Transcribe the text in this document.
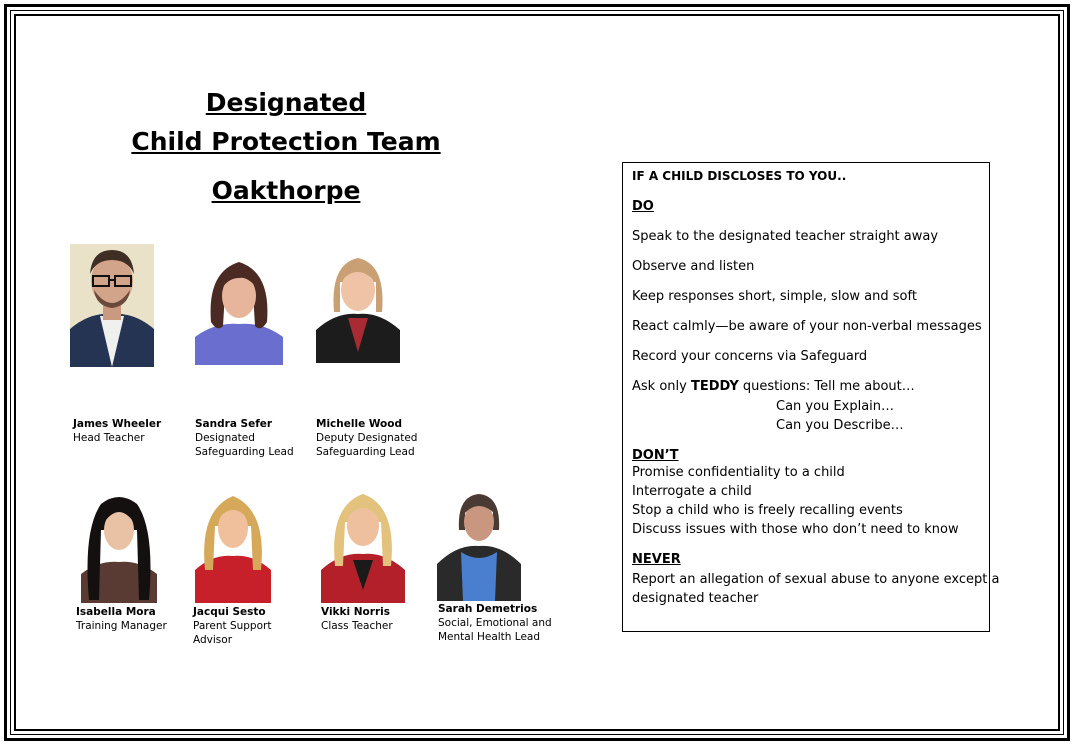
Designated
Child Protection Team
Oakthorpe
James Wheeler
Head Teacher
Sandra Sefer
Designated
Safeguarding Lead
Michelle Wood
Deputy Designated
Safeguarding Lead
Isabella Mora
Training Manager
Jacqui Sesto
Parent Support
Advisor
Vikki Norris
Class Teacher
Sarah Demetrios
Social, Emotional and
Mental Health Lead
IF A CHILD DISCLOSES TO YOU..
DO
Speak to the designated teacher straight away
Observe and listen
Keep responses short, simple, slow and soft
React calmly—be aware of your non-verbal messages
Record your concerns via Safeguard
Ask only TEDDY questions: Tell me about…
Can you Explain…
Can you Describe…
DON’T
Promise confidentiality to a child
Interrogate a child
Stop a child who is freely recalling events
Discuss issues with those who don’t need to know
NEVER
Report an allegation of sexual abuse to anyone except a
designated teacher
